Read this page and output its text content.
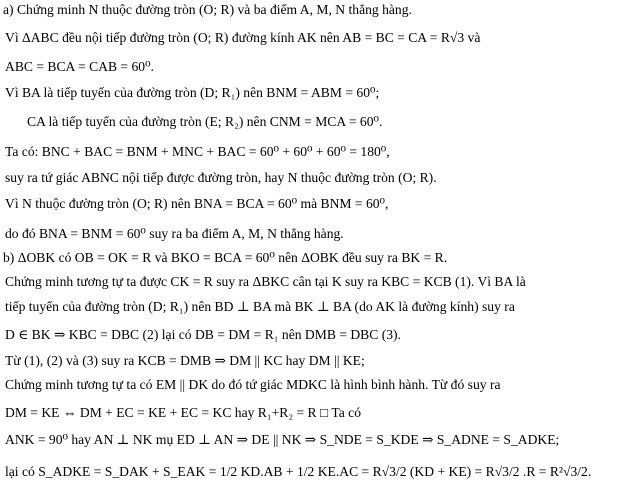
a) Chứng minh N thuộc đường tròn (O; R) và ba điểm A, M, N thẳng hàng.
Vì ΔABC đều nội tiếp đường tròn (O; R) đường kính AK nên AB = BC = CA = R√3 và
ABC = BCA = CAB = 60⁰.
Vì BA là tiếp tuyến của đường tròn (D; R₁) nên BNM = ABM = 60⁰;
CA là tiếp tuyến của đường tròn (E; R₂) nên CNM = MCA = 60⁰.
Ta có: BNC + BAC = BNM + MNC + BAC = 60⁰ + 60⁰ + 60⁰ = 180⁰,
suy ra tứ giác ABNC nội tiếp được đường tròn, hay N thuộc đường tròn (O; R).
Vì N thuộc đường tròn (O; R) nên BNA = BCA = 60⁰ mà BNM = 60⁰,
do đó BNA = BNM = 60⁰ suy ra ba điểm A, M, N thẳng hàng.
b) ΔOBK có OB = OK = R và BKO = BCA = 60⁰ nên ΔOBK đều suy ra BK = R.
Chứng minh tương tự ta được CK = R suy ra ΔBKC cân tại K suy ra KBC = KCB (1). Vì BA là
tiếp tuyến của đường tròn (D; R₁) nên BD ⊥ BA mà BK ⊥ BA (do AK là đường kính) suy ra
D ∈ BK ⇒ KBC = DBC (2) lại có DB = DM = R₁ nên DMB = DBC (3).
Từ (1), (2) và (3) suy ra KCB = DMB ⇒ DM || KC hay DM || KE;
Chứng minh tương tự ta có EM || DK do đó tứ giác MDKC là hình bình hành. Từ đó suy ra
DM = KE ⇔ DM + EC = KE + EC = KC hay R₁+R₂ = R □ Ta có
ANK = 90⁰ hay AN ⊥ NK mụ ED ⊥ AN ⇒ DE || NK ⇒ S_NDE = S_KDE ⇒ S_ADNE = S_ADKE;
lại có S_ADKE = S_DAK + S_EAK = 1/2 KD.AB + 1/2 KE.AC = R√3/2 (KD + KE) = R√3/2 .R = R²√3/2.
